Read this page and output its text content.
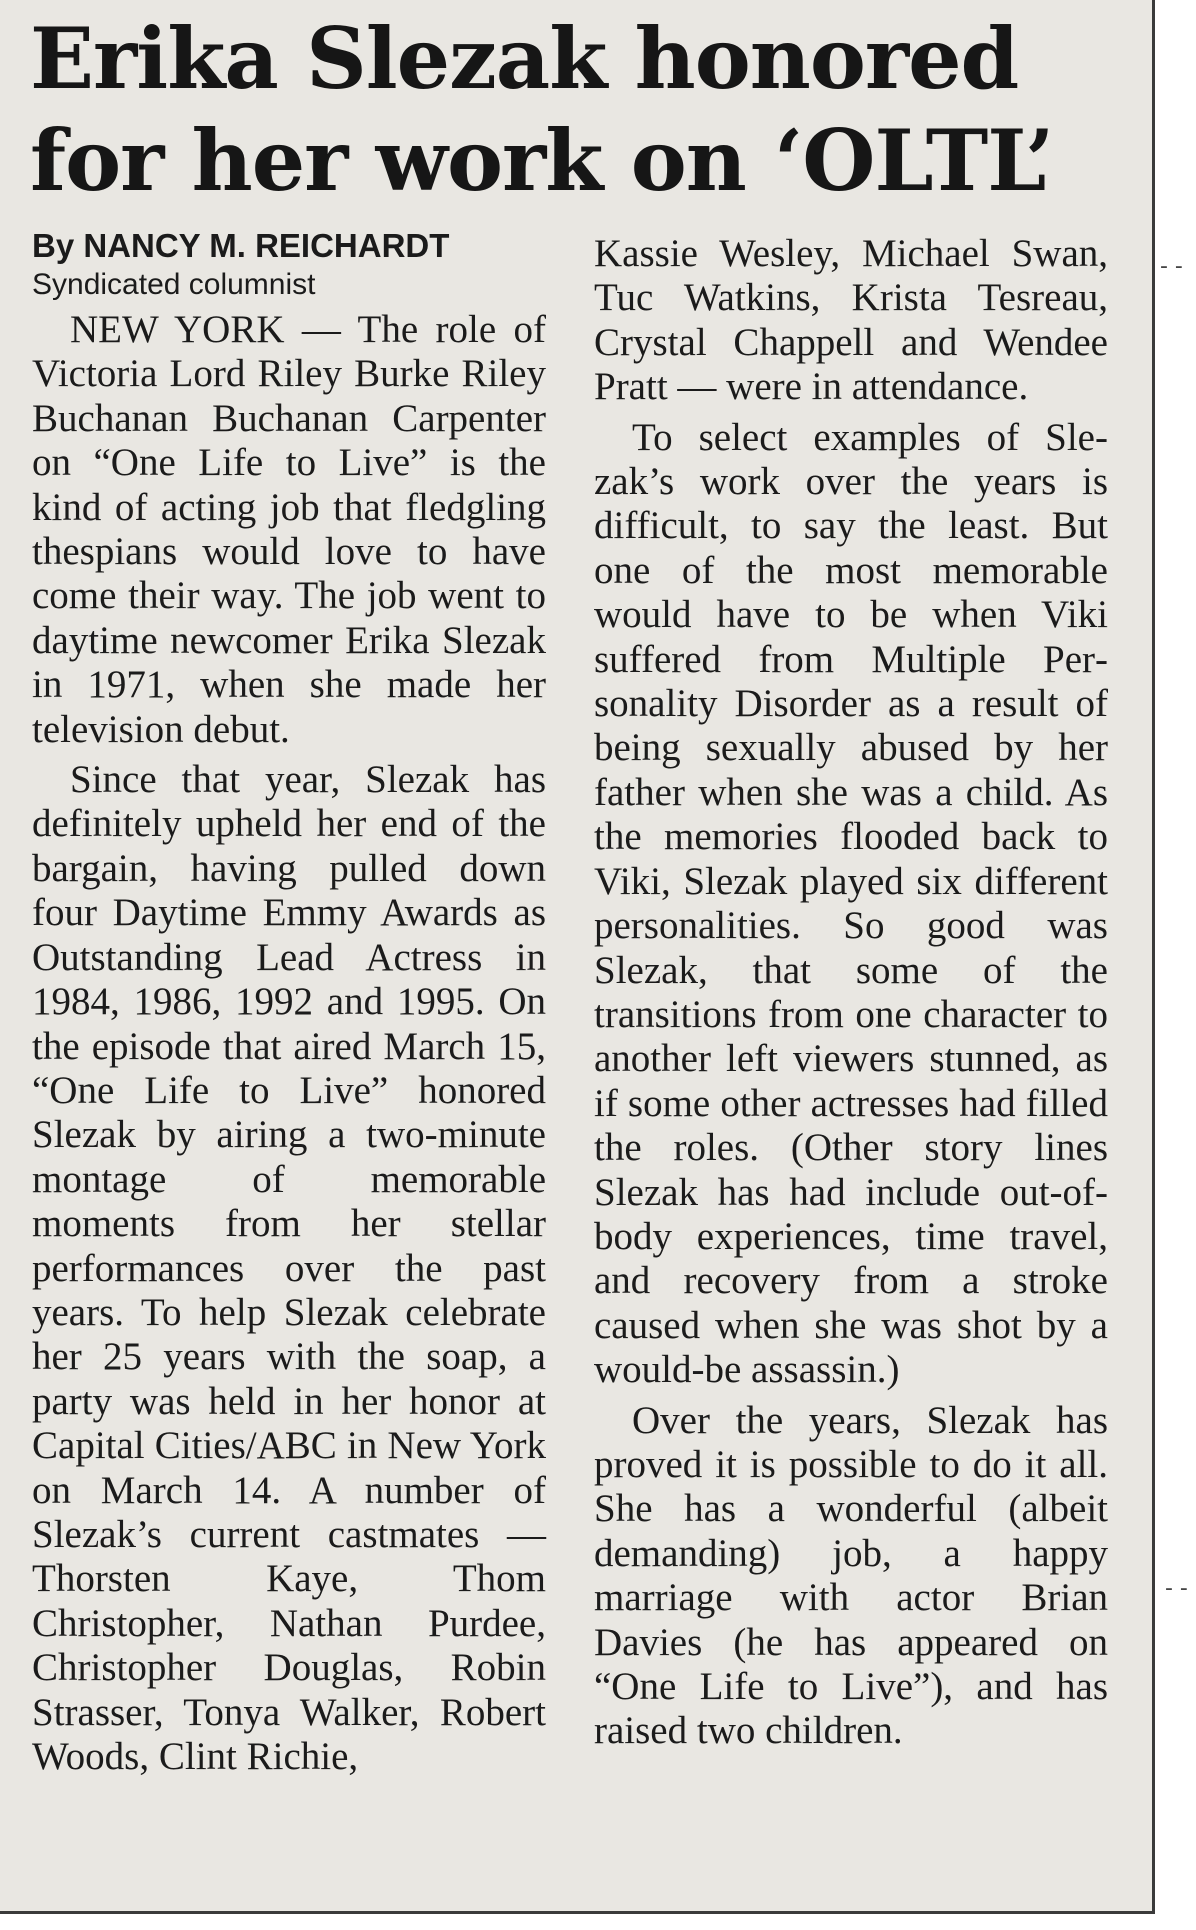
Erika Slezak honored for her work on ‘OLTL’

By NANCY M. REICHARDT

Syndicated columnist

NEW YORK — The role of Victoria Lord Riley Burke Riley Buchanan Buchanan Carpenter on “One Life to Live” is the kind of acting job that fledgling thespians would love to have come their way. The job went to daytime newcomer Erika Slezak in 1971, when she made her television debut.

Since that year, Slezak has definitely upheld her end of the bargain, having pulled down four Daytime Emmy Awards as Outstanding Lead Actress in 1984, 1986, 1992 and 1995. On the episode that aired March 15, “One Life to Live” honored Slezak by airing a two-minute montage of memorable moments from her stellar performances over the past years. To help Slezak celebrate her 25 years with the soap, a party was held in her honor at Capital Cities/ABC in New York on March 14. A number of Slezak’s current castmates — Thorsten Kaye, Thom Christopher, Nathan Purdee, Christopher Douglas, Robin Strasser, Tonya Walker, Robert Woods, Clint Richie,

Kassie Wesley, Michael Swan, Tuc Watkins, Krista Tesreau, Crystal Chappell and Wendee Pratt — were in attendance.

To select examples of Slezak’s work over the years is difficult, to say the least. But one of the most memorable would have to be when Viki suffered from Multiple Personality Disorder as a result of being sexually abused by her father when she was a child. As the memories flooded back to Viki, Slezak played six different personalities. So good was Slezak, that some of the transitions from one character to another left viewers stunned, as if some other actresses had filled the roles. (Other story lines Slezak has had include out-of-body experiences, time travel, and recovery from a stroke caused when she was shot by a would-be assassin.)

Over the years, Slezak has proved it is possible to do it all. She has a wonderful (albeit demanding) job, a happy marriage with actor Brian Davies (he has appeared on “One Life to Live”), and has raised two children.

‐ ‐
‐ ‐
